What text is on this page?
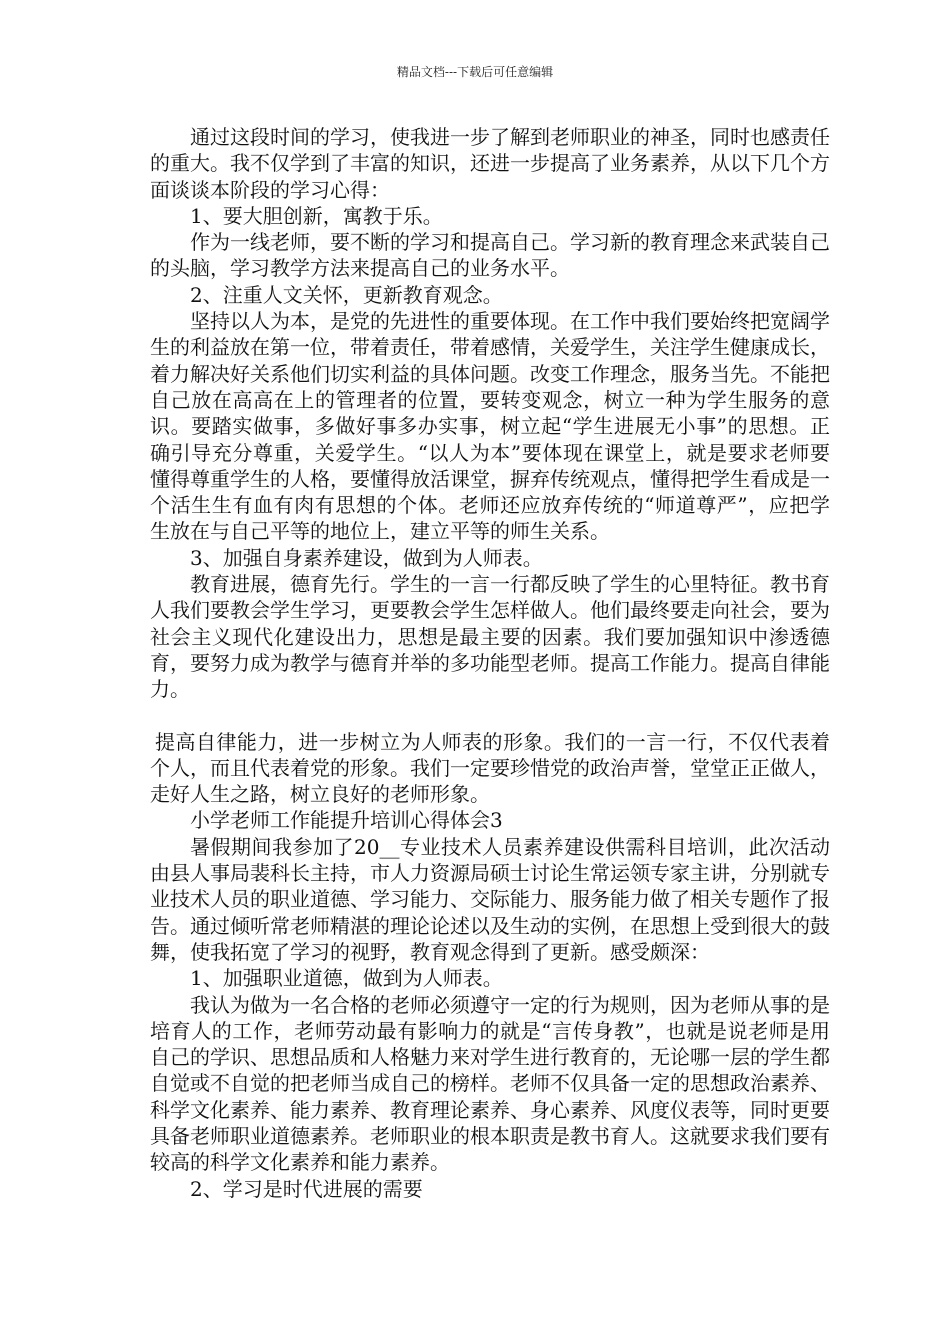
精品文档---下载后可任意编辑

通过这段时间的学习，使我进一步了解到老师职业的神圣，同时也感责任的重大。我不仅学到了丰富的知识，还进一步提高了业务素养，从以下几个方面谈谈本阶段的学习心得：

1、要大胆创新，寓教于乐。

作为一线老师，要不断的学习和提高自己。学习新的教育理念来武装自己的头脑，学习教学方法来提高自己的业务水平。

2、注重人文关怀，更新教育观念。

坚持以人为本，是党的先进性的重要体现。在工作中我们要始终把宽阔学生的利益放在第一位，带着责任，带着感情，关爱学生，关注学生健康成长，着力解决好关系他们切实利益的具体问题。改变工作理念，服务当先。不能把自己放在高高在上的管理者的位置，要转变观念，树立一种为学生服务的意识。要踏实做事，多做好事多办实事，树立起“学生进展无小事”的思想。正确引导充分尊重，关爱学生。“以人为本”要体现在课堂上，就是要求老师要懂得尊重学生的人格，要懂得放活课堂，摒弃传统观点，懂得把学生看成是一个活生生有血有肉有思想的个体。老师还应放弃传统的“师道尊严”，应把学生放在与自己平等的地位上，建立平等的师生关系。

3、加强自身素养建设，做到为人师表。

教育进展，德育先行。学生的一言一行都反映了学生的心里特征。教书育人我们要教会学生学习，更要教会学生怎样做人。他们最终要走向社会，要为社会主义现代化建设出力，思想是最主要的因素。我们要加强知识中渗透德育，要努力成为教学与德育并举的多功能型老师。提高工作能力。提高自律能力。

提高自律能力，进一步树立为人师表的形象。我们的一言一行，不仅代表着个人，而且代表着党的形象。我们一定要珍惜党的政治声誉，堂堂正正做人，走好人生之路，树立良好的老师形象。

小学老师工作能提升培训心得体会3

暑假期间我参加了20__专业技术人员素养建设供需科目培训，此次活动由县人事局裴科长主持，市人力资源局硕士讨论生常运领专家主讲，分别就专业技术人员的职业道德、学习能力、交际能力、服务能力做了相关专题作了报告。通过倾听常老师精湛的理论论述以及生动的实例，在思想上受到很大的鼓舞，使我拓宽了学习的视野，教育观念得到了更新。感受颇深：

1、加强职业道德，做到为人师表。

我认为做为一名合格的老师必须遵守一定的行为规则，因为老师从事的是培育人的工作，老师劳动最有影响力的就是“言传身教”，也就是说老师是用自己的学识、思想品质和人格魅力来对学生进行教育的，无论哪一层的学生都自觉或不自觉的把老师当成自己的榜样。老师不仅具备一定的思想政治素养、科学文化素养、能力素养、教育理论素养、身心素养、风度仪表等，同时更要具备老师职业道德素养。老师职业的根本职责是教书育人。这就要求我们要有较高的科学文化素养和能力素养。

2、学习是时代进展的需要
